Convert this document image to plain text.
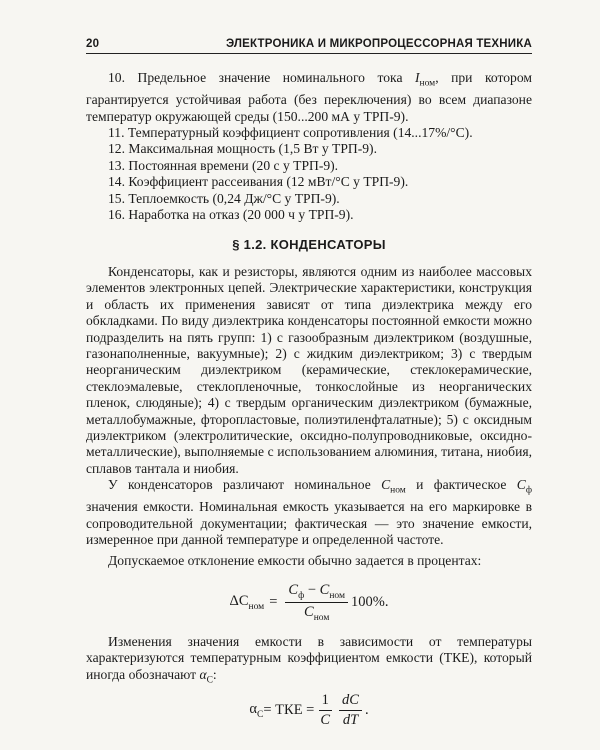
20	ЭЛЕКТРОНИКА И МИКРОПРОЦЕССОРНАЯ ТЕХНИКА
10. Предельное значение номинального тока $I_{ном}$, при котором гарантируется устойчивая работа (без переключения) во всем диапазоне температур окружающей среды (150...200 мА у ТРП-9).
11. Температурный коэффициент сопротивления (14...17%/°С).
12. Максимальная мощность (1,5 Вт у ТРП-9).
13. Постоянная времени (20 с у ТРП-9).
14. Коэффициент рассеивания (12 мВт/°С у ТРП-9).
15. Теплоемкость (0,24 Дж/°С у ТРП-9).
16. Наработка на отказ (20 000 ч у ТРП-9).
§ 1.2. КОНДЕНСАТОРЫ

Конденсаторы, как и резисторы, являются одним из наиболее массовых элементов электронных цепей. Электрические характеристики, конструкция и область их применения зависят от типа диэлектрика между его обкладками. По виду диэлектрика конденсаторы постоянной емкости можно подразделить на пять групп: 1) с газообразным диэлектриком (воздушные, газонаполненные, вакуумные); 2) с жидким диэлектриком; 3) с твердым неорганическим диэлектриком (керамические, стеклокерамические, стеклоэмалевые, стеклопленочные, тонкослойные из неорганических пленок, слюдяные); 4) с твердым органическим диэлектриком (бумажные, металлобумажные, фторопластовые, полиэтиленфталатные); 5) с оксидным диэлектриком (электролитические, оксидно-полупроводниковые, оксидно-металлические), выполняемые с использованием алюминия, титана, ниобия, сплавов тантала и ниобия.

У конденсаторов различают номинальное $C_{ном}$ и фактическое $C_ф$ значения емкости. Номинальная емкость указывается на его маркировке в сопроводительной документации; фактическая — это значение емкости, измеренное при данной температуре и определенной частоте.

Допускаемое отклонение емкости обычно задается в процентах:

$\Delta C_{ном} = \frac{C_ф - C_{ном}}{C_{ном}} 100\%$.

Изменения значения емкости в зависимости от температуры характеризуются температурным коэффициентом емкости (ТКЕ), который иногда обозначают $\alpha_C$:

$\alpha_C$ = ТКЕ = $\frac{1}{C} \frac{dC}{dT}$ .
